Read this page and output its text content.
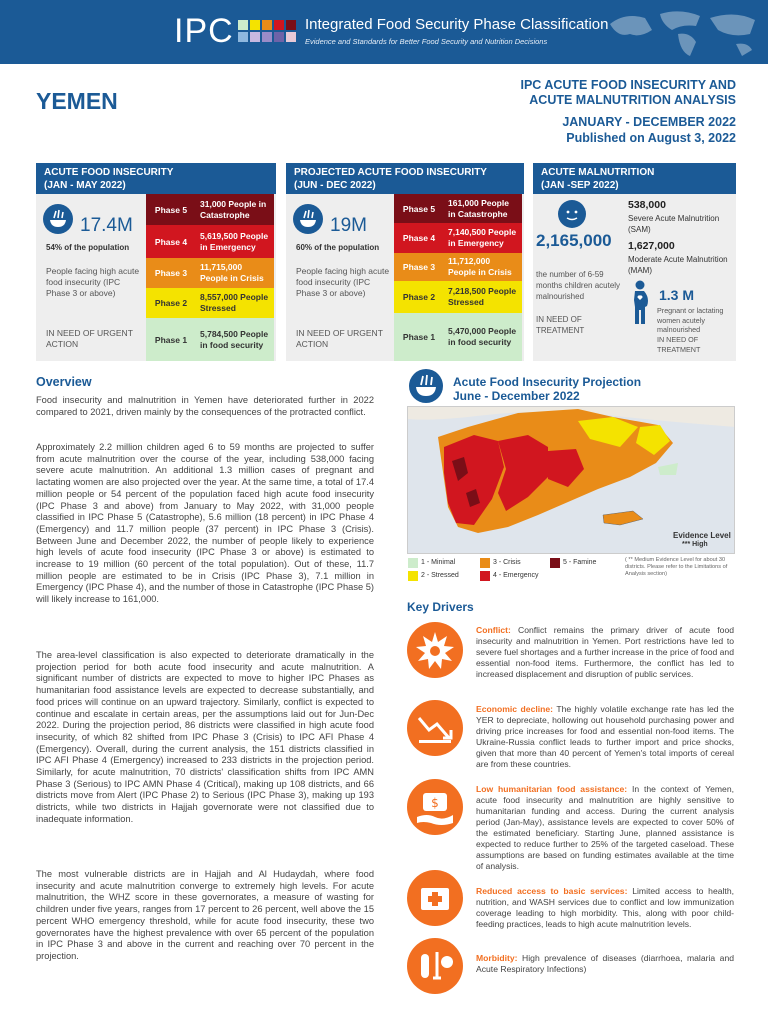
IPC	Integrated Food Security Phase Classification
Evidence and Standards for Better Food Security and Nutrition Decisions
YEMEN
IPC ACUTE FOOD INSECURITY AND
ACUTE MALNUTRITION ANALYSIS
JANUARY - DECEMBER 2022
Published on August 3, 2022
ACUTE FOOD INSECURITY
(JAN - MAY 2022)
17.4M
54% of the population
People facing high acute food insecurity (IPC Phase 3 or above)
IN NEED OF URGENT ACTION
Phase 5
31,000 People in Catastrophe
Phase 4
5,619,500 People in Emergency
Phase 3
11,715,000 People in Crisis
Phase 2
8,557,000 People Stressed
Phase 1
5,784,500 People in food security
PROJECTED ACUTE FOOD INSECURITY
(JUN - DEC 2022)
19M
60% of the population
People facing high acute food insecurity (IPC Phase 3 or above)
IN NEED OF URGENT ACTION
Phase 5
161,000 People in Catastrophe
Phase 4
7,140,500 People in Emergency
Phase 3
11,712,000 People in Crisis
Phase 2
7,218,500 People Stressed
Phase 1
5,470,000 People in food security
ACUTE MALNUTRITION
(JAN -SEP 2022)
2,165,000
the number of 6-59 months children acutely malnourished
IN NEED OF TREATMENT
538,000
Severe Acute Malnutrition (SAM)
1,627,000
Moderate Acute Malnutrition (MAM)
1.3 M
Pregnant or lactating women acutely malnourished
IN NEED OF TREATMENT
Overview
Food insecurity and malnutrition in Yemen have deteriorated further in 2022 compared to 2021, driven mainly by the consequences of the protracted conflict.
Approximately 2.2 million children aged 6 to 59 months are projected to suffer from acute malnutrition over the course of the year, including 538,000 facing severe acute malnutrition. An additional 1.3 million cases of pregnant and lactating women are also projected over the year. At the same time, a total of 17.4 million people or 54 percent of the population faced high acute food insecurity (IPC Phase 3 and above) from January to May 2022, with 31,000 people classified in IPC Phase 5 (Catastrophe), 5.6 million (18 percent) in IPC Phase 4 (Emergency) and 11.7 million people (37 percent) in IPC Phase 3 (Crisis). Between June and December 2022, the number of people likely to experience high levels of acute food insecurity (IPC Phase 3 or above) is estimated to increase to 19 million (60 percent of the total population). Out of these, 11.7 million people are estimated to be in Crisis (IPC Phase 3), 7.1 million in Emergency (IPC Phase 4), and the number of those in Catastrophe (IPC Phase 5) will likely increase to 161,000.
The area-level classification is also expected to deteriorate dramatically in the projection period for both acute food insecurity and acute malnutrition. A significant number of districts are expected to move to higher IPC Phases as humanitarian food assistance levels are expected to decrease substantially, and food prices will continue on an upward trajectory. Similarly, conflict is expected to continue and escalate in certain areas, per the assumptions laid out for Jun-Dec 2022. During the projection period, 86 districts were classified in high acute food insecurity, of which 82 shifted from IPC Phase 3 (Crisis) to IPC AFI Phase 4 (Emergency). Overall, during the current analysis, the 151 districts classified in IPC AFI Phase 4 (Emergency) increased to 233 districts in the projection period. Similarly, for acute malnutrition, 70 districts' classification shifts from IPC AMN Phase 3 (Serious) to IPC AMN Phase 4 (Critical), making up 108 districts, and 66 districts move from Alert (IPC Phase 2) to Serious (IPC Phase 3), making up 193 districts, while two districts in Hajjah governorate were not classified due to inadequate information.
The most vulnerable districts are in Hajjah and Al Hudaydah, where food insecurity and acute malnutrition converge to extremely high levels. For acute malnutrition, the WHZ score in these governorates, a measure of wasting for children under five years, ranges from 17 percent to 26 percent, well above the 15 percent WHO emergency threshold, while for acute food insecurity, these two governorates have the highest prevalence with over 65 percent of the population in IPC Phase 3 and above in the current and reaching over 70 percent in the projection.
Acute Food Insecurity Projection
June - December 2022
Evidence Level
*** High
1 - Minimal
2 - Stressed
3 - Crisis
4 - Emergency
5 - Famine	( ** Medium Evidence Level for about 30 districts. Please refer to the Limitations of Analysis section)
Key Drivers
Conflict: Conflict remains the primary driver of acute food insecurity and malnutrition in Yemen. Port restrictions have led to severe fuel shortages and a further increase in the price of food and essential non-food items. Furthermore, the conflict has led to increased displacement and disruption of public services.
Economic decline: The highly volatile exchange rate has led the YER to depreciate, hollowing out household purchasing power and driving price increases for food and essential non-food items. The Ukraine-Russia conflict leads to further import and price shocks, given that more than 40 percent of Yemen's total imports of cereal are from these countries.
$
Low humanitarian food assistance: In the context of Yemen, acute food insecurity and malnutrition are highly sensitive to humanitarian funding and access. During the current analysis period (Jan-May), assistance levels are expected to cover 50% of the estimated beneficiary. Starting June, planned assistance is expected to reduce further to 25% of the targeted caseload. These assumptions are based on funding estimates available at the time of analysis.
Reduced access to basic services: Limited access to health, nutrition, and WASH services due to conflict and low immunization coverage leading to high morbidity. This, along with poor child-feeding practices, leads to high acute malnutrition levels.
Morbidity: High prevalence of diseases (diarrhoea, malaria and Acute Respiratory Infections)
